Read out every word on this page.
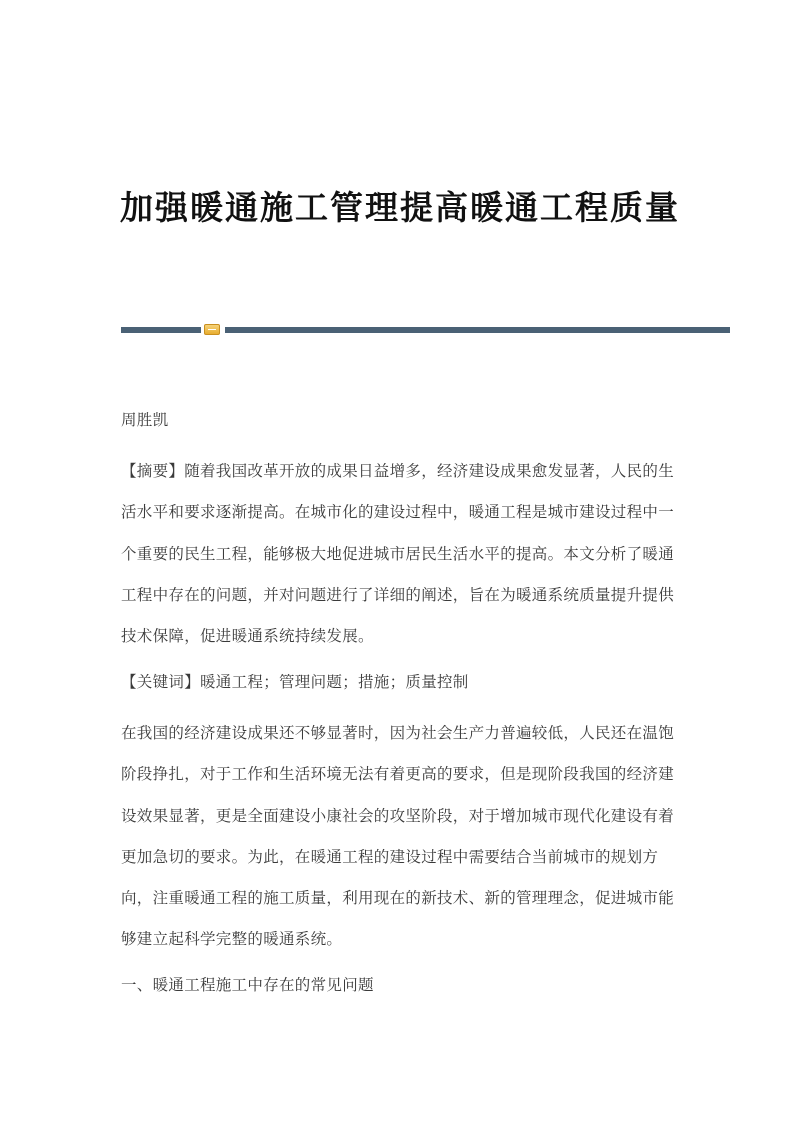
加强暖通施工管理提高暖通工程质量

周胜凯

【摘要】随着我国改革开放的成果日益增多，经济建设成果愈发显著，人民的生活水平和要求逐渐提高。在城市化的建设过程中，暖通工程是城市建设过程中一个重要的民生工程，能够极大地促进城市居民生活水平的提高。本文分析了暖通工程中存在的问题，并对问题进行了详细的阐述，旨在为暖通系统质量提升提供技术保障，促进暖通系统持续发展。

【关键词】暖通工程；管理问题；措施；质量控制

在我国的经济建设成果还不够显著时，因为社会生产力普遍较低，人民还在温饱阶段挣扎，对于工作和生活环境无法有着更高的要求，但是现阶段我国的经济建设效果显著，更是全面建设小康社会的攻坚阶段，对于增加城市现代化建设有着更加急切的要求。为此，在暖通工程的建设过程中需要结合当前城市的规划方向，注重暖通工程的施工质量，利用现在的新技术、新的管理理念，促进城市能够建立起科学完整的暖通系统。

一、暖通工程施工中存在的常见问题
